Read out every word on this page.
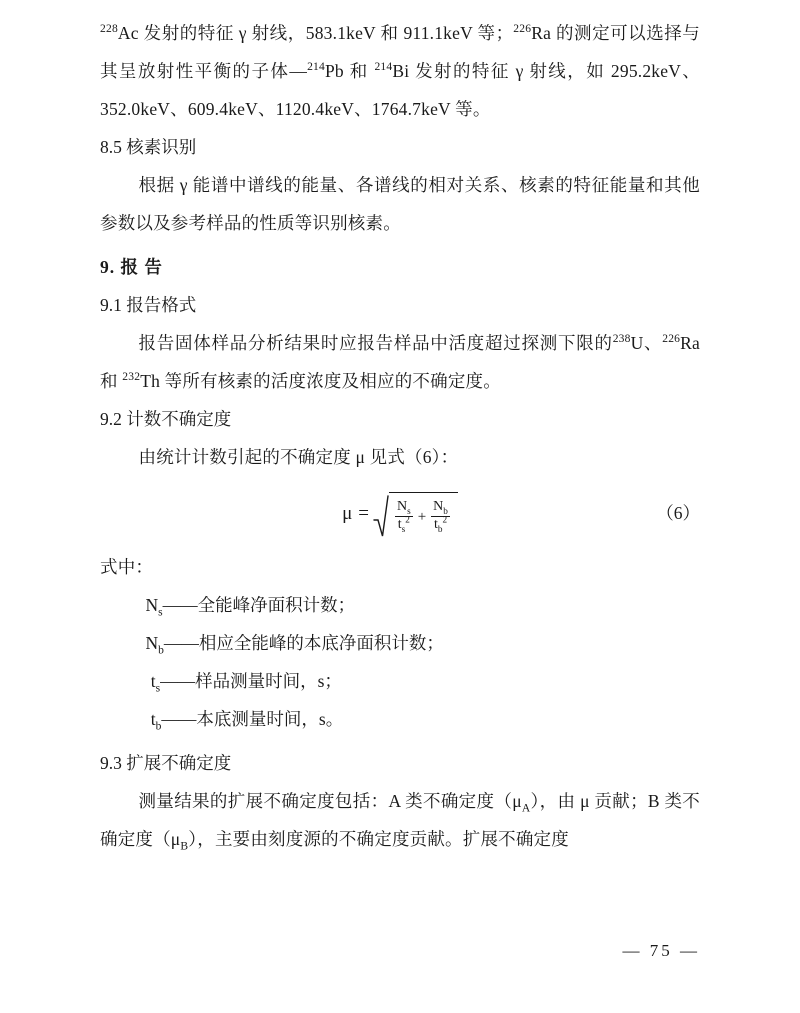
$^{228}$Ac 发射的特征 γ 射线，583.1keV 和 911.1keV 等；$^{226}$Ra 的测定可以选择与其呈放射性平衡的子体—$^{214}$Pb 和 $^{214}$Bi 发射的特征 γ 射线，如 295.2keV、352.0keV、609.4keV、1120.4keV、1764.7keV 等。

8.5 核素识别

根据 γ 能谱中谱线的能量、各谱线的相对关系、核素的特征能量和其他参数以及参考样品的性质等识别核素。

9. 报 告

9.1 报告格式

报告固体样品分析结果时应报告样品中活度超过探测下限的$^{238}$U、$^{226}$Ra 和 $^{232}$Th 等所有核素的活度浓度及相应的不确定度。

9.2 计数不确定度

由统计计数引起的不确定度 μ 见式（6）：

$\mu = \frac{N_s}{t_s^2} + \frac{N_b}{t_b^2}$	（6）

式中：

$N_s——$全能峰净面积计数；

$N_b——$相应全能峰的本底净面积计数；

$t_s——$样品测量时间，s；

$t_b——$本底测量时间，s。

9.3 扩展不确定度

测量结果的扩展不确定度包括：A 类不确定度$(\mu_A)$，由 μ 贡献；B 类不确定度$(\mu_B)$，主要由刻度源的不确定度贡献。扩展不确定度

— 75 —
